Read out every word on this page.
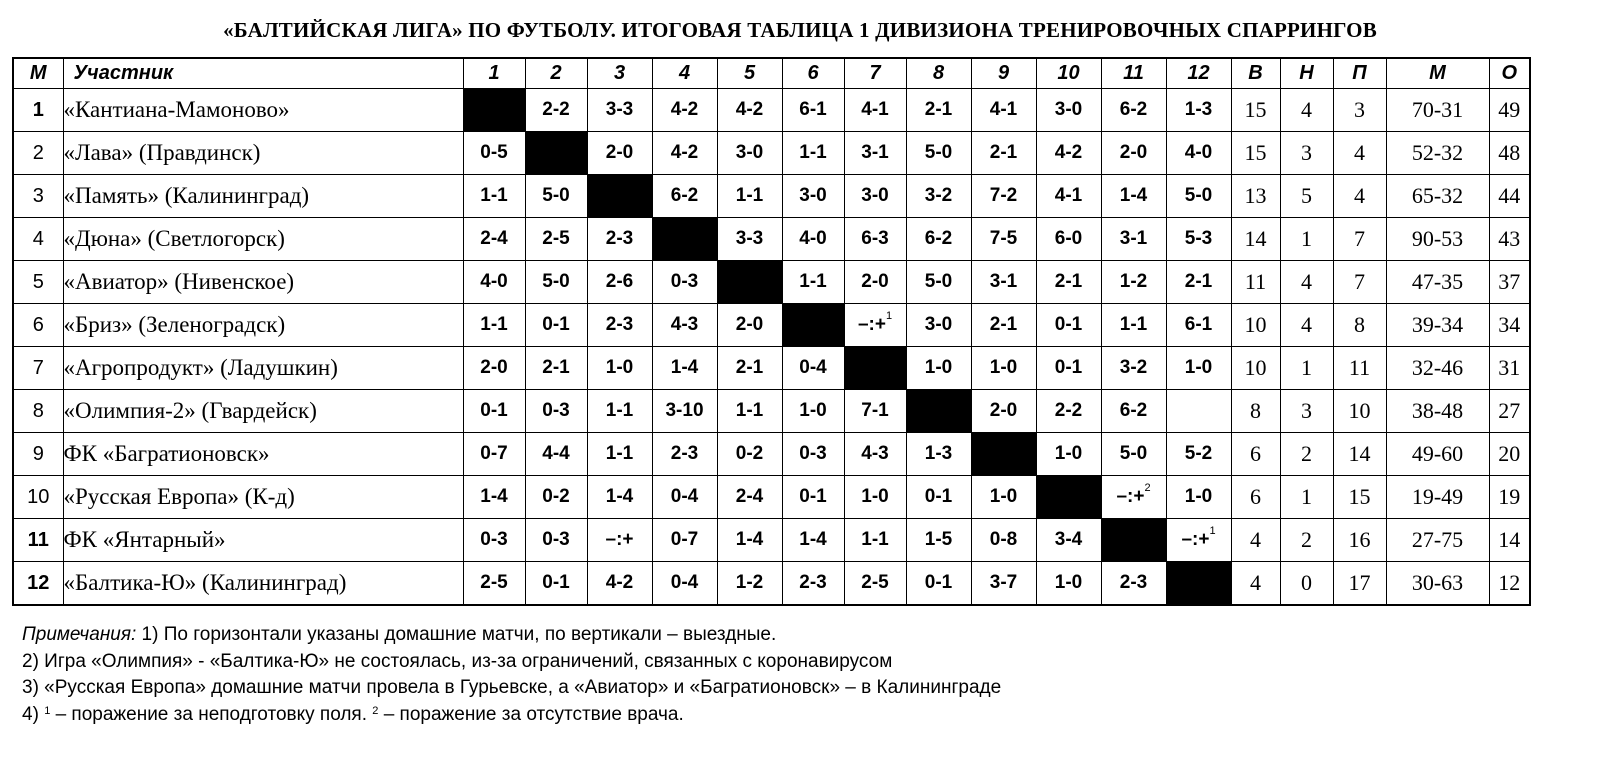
«БАЛТИЙСКАЯ ЛИГА» ПО ФУТБОЛУ. ИТОГОВАЯ ТАБЛИЦА 1 ДИВИЗИОНА ТРЕНИРОВОЧНЫХ СПАРРИНГОВ
М	Участник	1	2	3	4	5	6	7	8	9	10	11	12	В	Н	П	М	О
1	«Кантиана-Мамоново»		2-2	3-3	4-2	4-2	6-1	4-1	2-1	4-1	3-0	6-2	1-3	15	4	3	70-31	49
2	«Лава» (Правдинск)	0-5		2-0	4-2	3-0	1-1	3-1	5-0	2-1	4-2	2-0	4-0	15	3	4	52-32	48
3	«Память» (Калининград)	1-1	5-0		6-2	1-1	3-0	3-0	3-2	7-2	4-1	1-4	5-0	13	5	4	65-32	44
4	«Дюна» (Светлогорск)	2-4	2-5	2-3		3-3	4-0	6-3	6-2	7-5	6-0	3-1	5-3	14	1	7	90-53	43
5	«Авиатор» (Нивенское)	4-0	5-0	2-6	0-3		1-1	2-0	5-0	3-1	2-1	1-2	2-1	11	4	7	47-35	37
6	«Бриз» (Зеленоградск)	1-1	0-1	2-3	4-3	2-0		–:+$^1$	3-0	2-1	0-1	1-1	6-1	10	4	8	39-34	34
7	«Агропродукт» (Ладушкин)	2-0	2-1	1-0	1-4	2-1	0-4		1-0	1-0	0-1	3-2	1-0	10	1	11	32-46	31
8	«Олимпия-2» (Гвардейск)	0-1	0-3	1-1	3-10	1-1	1-0	7-1		2-0	2-2	6-2		8	3	10	38-48	27
9	ФК «Багратионовск»	0-7	4-4	1-1	2-3	0-2	0-3	4-3	1-3		1-0	5-0	5-2	6	2	14	49-60	20
10	«Русская Европа» (К-д)	1-4	0-2	1-4	0-4	2-4	0-1	1-0	0-1	1-0		–:+$^2$	1-0	6	1	15	19-49	19
11	ФК «Янтарный»	0-3	0-3	–:+	0-7	1-4	1-4	1-1	1-5	0-8	3-4		–:+$^1$	4	2	16	27-75	14
12	«Балтика-Ю» (Калининград)	2-5	0-1	4-2	0-4	1-2	2-3	2-5	0-1	3-7	1-0	2-3		4	0	17	30-63	12
Примечания: 1) По горизонтали указаны домашние матчи, по вертикали – выездные.
2) Игра «Олимпия» - «Балтика-Ю» не состоялась, из-за ограничений, связанных с коронавирусом
3) «Русская Европа» домашние матчи провела в Гурьевске, а «Авиатор» и «Багратионовск» – в Калининграде
4) $^1$ – поражение за неподготовку поля. $^2$ – поражение за отсутствие врача.
